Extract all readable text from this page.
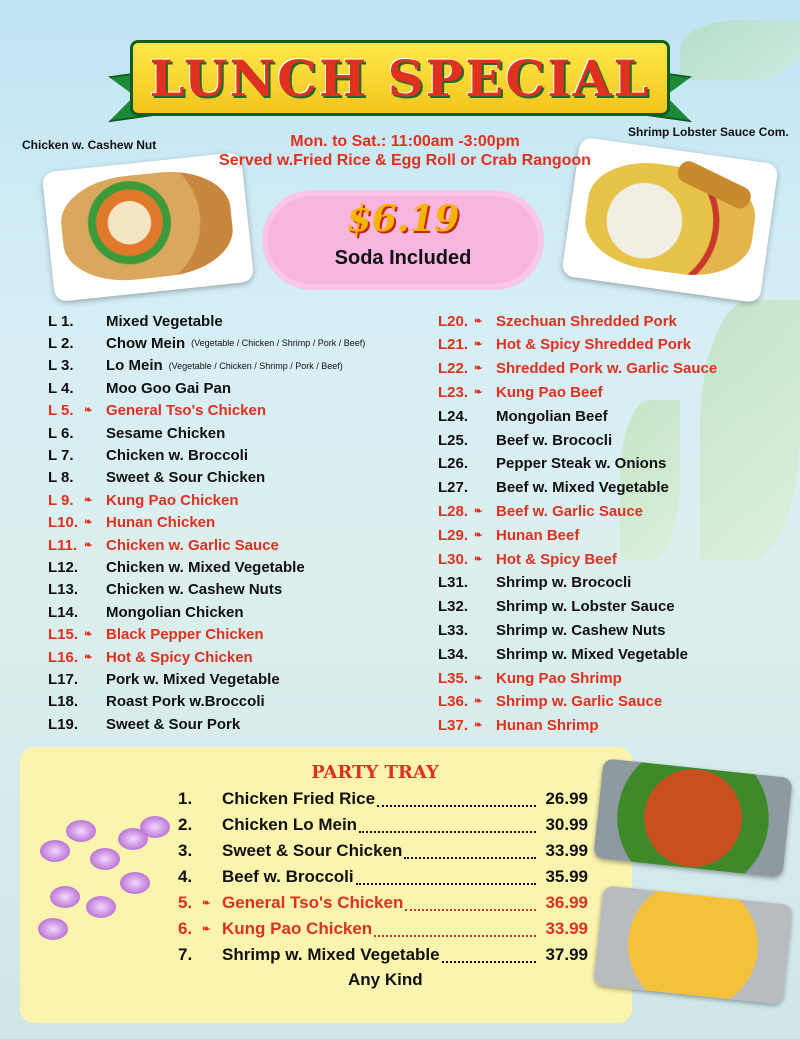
LUNCH SPECIAL
Chicken w. Cashew Nut
Shrimp Lobster Sauce Com.
Mon. to Sat.: 11:00am -3:00pm
Served w.Fried Rice & Egg Roll or Crab Rangoon
$6.19
Soda Included
L 1.	Mixed Vegetable
L 2.	Chow Mein (Vegetable / Chicken / Shrimp / Pork / Beef)
L 3.	Lo Mein (Vegetable / Chicken / Shrimp / Pork / Beef)
L 4.	Moo Goo Gai Pan
L 5.	❧ General Tso's Chicken
L 6.	Sesame Chicken
L 7.	Chicken w. Broccoli
L 8.	Sweet & Sour Chicken
L 9.	❧ Kung Pao Chicken
L10. ❧ Hunan Chicken
L11. ❧ Chicken w. Garlic Sauce
L12.	Chicken w. Mixed Vegetable
L13.	Chicken w. Cashew Nuts
L14.	Mongolian Chicken
L15. ❧ Black Pepper Chicken
L16. ❧ Hot & Spicy Chicken
L17.	Pork w. Mixed Vegetable
L18.	Roast Pork w.Broccoli
L19.	Sweet & Sour Pork
L20. ❧ Szechuan Shredded Pork
L21. ❧ Hot & Spicy Shredded Pork
L22. ❧ Shredded Pork w. Garlic Sauce
L23. ❧ Kung Pao Beef
L24.	Mongolian Beef
L25.	Beef w. Brococli
L26.	Pepper Steak w. Onions
L27.	Beef w. Mixed Vegetable
L28. ❧ Beef w. Garlic Sauce
L29. ❧ Hunan Beef
L30. ❧ Hot & Spicy Beef
L31.	Shrimp w. Brococli
L32.	Shrimp w. Lobster Sauce
L33.	Shrimp w. Cashew Nuts
L34.	Shrimp w. Mixed Vegetable
L35. ❧ Kung Pao Shrimp
L36. ❧ Shrimp w. Garlic Sauce
L37. ❧ Hunan Shrimp
PARTY TRAY
1.	Chicken Fried Rice	26.99
2.	Chicken Lo Mein	30.99
3.	Sweet & Sour Chicken	33.99
4.	Beef w. Broccoli	35.99
5. ❧ General Tso's Chicken	36.99
6. ❧ Kung Pao Chicken	33.99
7.	Shrimp w. Mixed Vegetable	37.99
Any Kind
